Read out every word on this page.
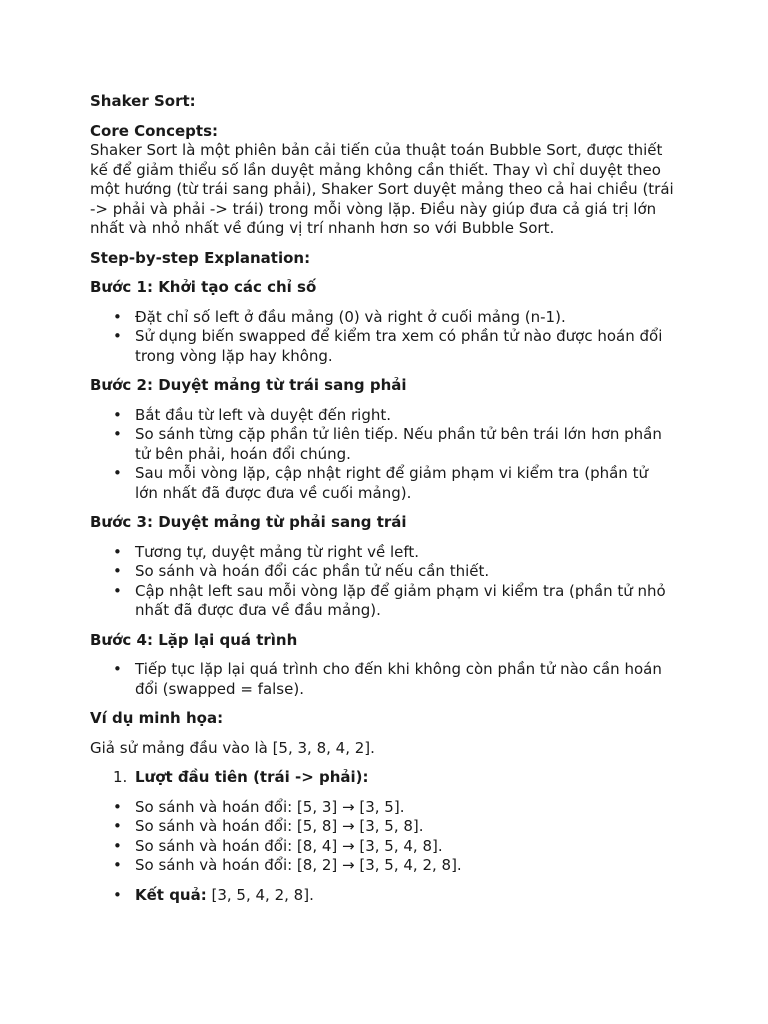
Shaker Sort:
Core Concepts:

Shaker Sort là một phiên bản cải tiến của thuật toán Bubble Sort, được thiết
kế để giảm thiểu số lần duyệt mảng không cần thiết. Thay vì chỉ duyệt theo
một hướng (từ trái sang phải), Shaker Sort duyệt mảng theo cả hai chiều (trái
-> phải và phải -> trái) trong mỗi vòng lặp. Điều này giúp đưa cả giá trị lớn
nhất và nhỏ nhất về đúng vị trí nhanh hơn so với Bubble Sort.

Step-by-step Explanation:
Bước 1: Khởi tạo các chỉ số
• Đặt chỉ số left ở đầu mảng (0) và right ở cuối mảng (n-1).
• Sử dụng biến swapped để kiểm tra xem có phần tử nào được hoán đổi
trong vòng lặp hay không.
Bước 2: Duyệt mảng từ trái sang phải
• Bắt đầu từ left và duyệt đến right.
• So sánh từng cặp phần tử liên tiếp. Nếu phần tử bên trái lớn hơn phần
tử bên phải, hoán đổi chúng.
• Sau mỗi vòng lặp, cập nhật right để giảm phạm vi kiểm tra (phần tử
lớn nhất đã được đưa về cuối mảng).
Bước 3: Duyệt mảng từ phải sang trái
• Tương tự, duyệt mảng từ right về left.
• So sánh và hoán đổi các phần tử nếu cần thiết.
• Cập nhật left sau mỗi vòng lặp để giảm phạm vi kiểm tra (phần tử nhỏ
nhất đã được đưa về đầu mảng).
Bước 4: Lặp lại quá trình
• Tiếp tục lặp lại quá trình cho đến khi không còn phần tử nào cần hoán
đổi (swapped = false).
Ví dụ minh họa:

Giả sử mảng đầu vào là [5, 3, 8, 4, 2].

1. Lượt đầu tiên (trái -> phải):
• So sánh và hoán đổi: [5, 3] → [3, 5].
• So sánh và hoán đổi: [5, 8] → [3, 5, 8].
• So sánh và hoán đổi: [8, 4] → [3, 5, 4, 8].
• So sánh và hoán đổi: [8, 2] → [3, 5, 4, 2, 8].
• Kết quả: [3, 5, 4, 2, 8].
